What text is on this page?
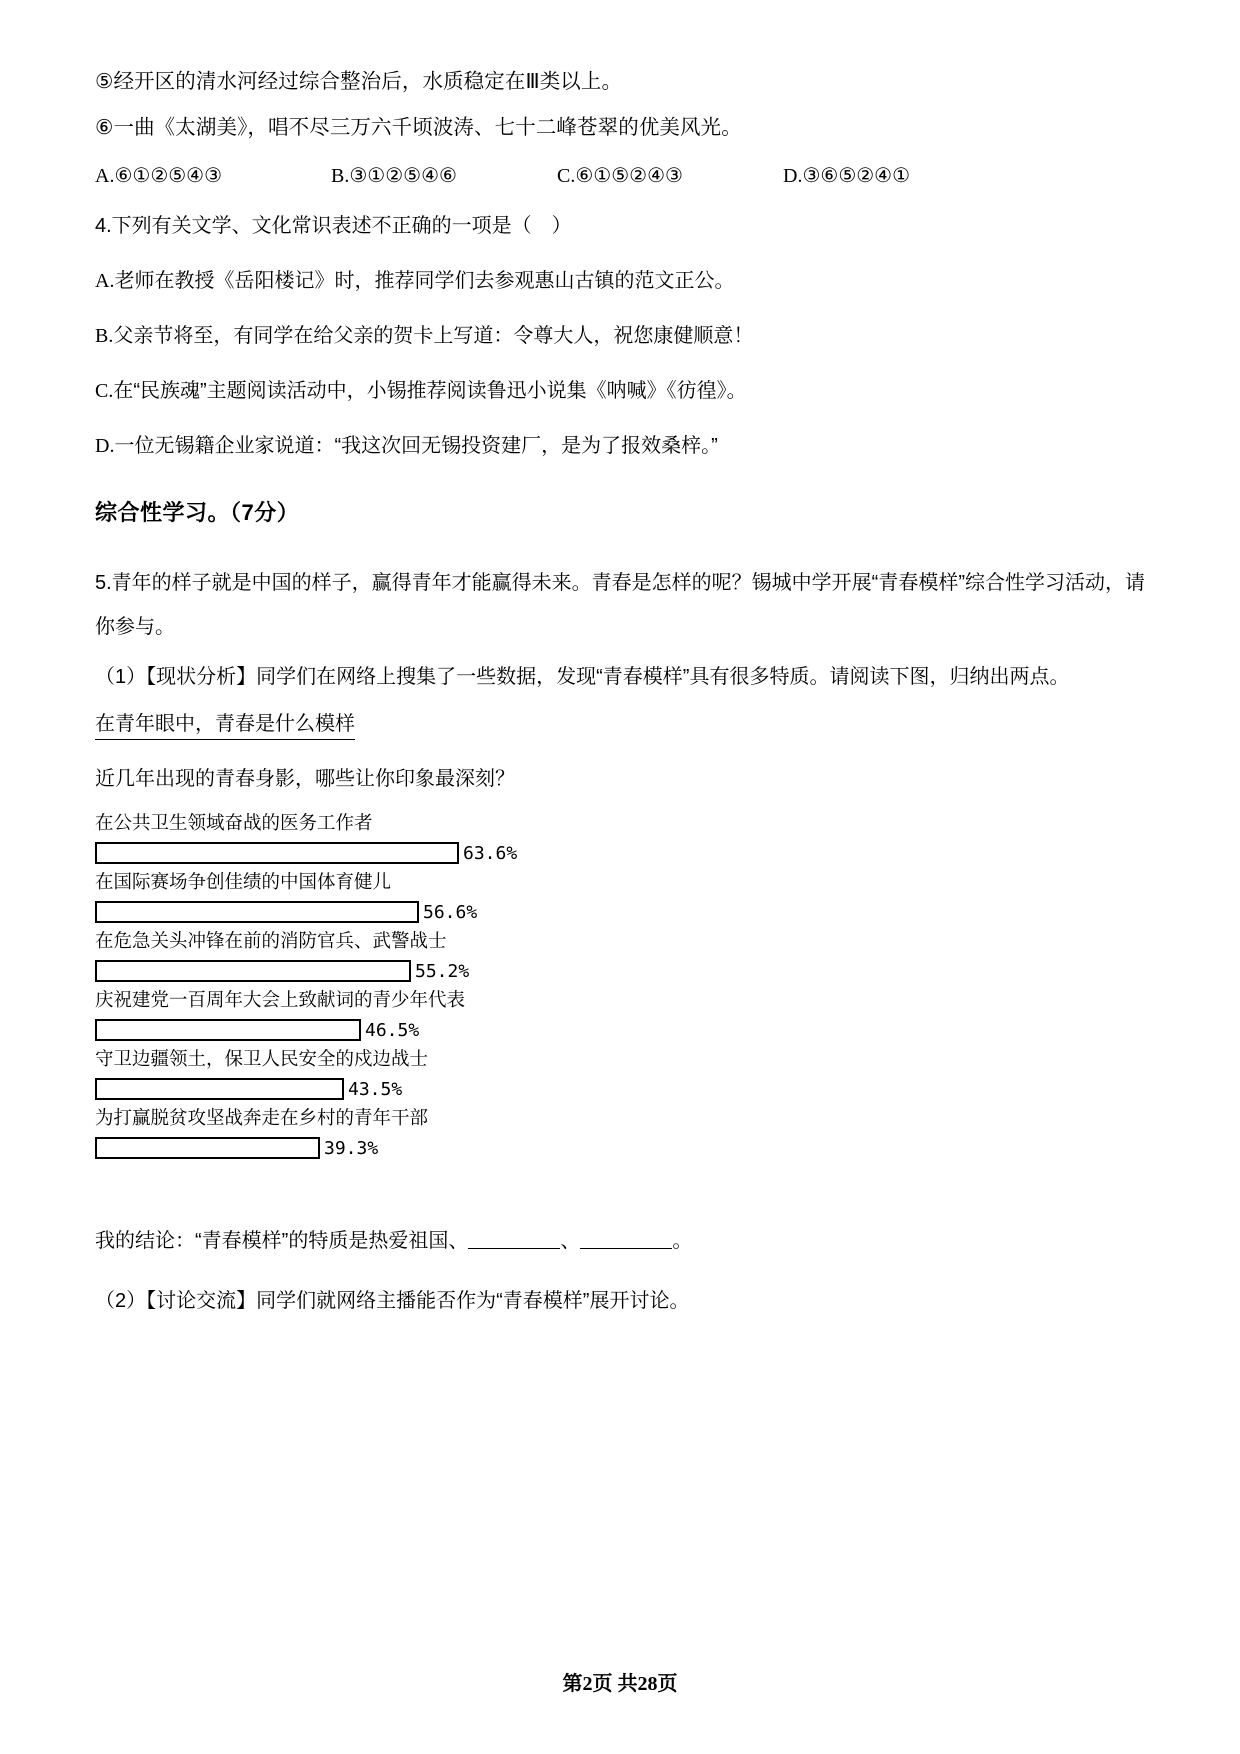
⑤经开区的清水河经过综合整治后，水质稳定在Ⅲ类以上。
⑥一曲《太湖美》，唱不尽三万六千顷波涛、七十二峰苍翠的优美风光。
A.⑥①②⑤④③	B.③①②⑤④⑥	C.⑥①⑤②④③	D.③⑥⑤②④①
4.下列有关文学、文化常识表述不正确的一项是（　）
A.老师在教授《岳阳楼记》时，推荐同学们去参观惠山古镇的范文正公。
B.父亲节将至，有同学在给父亲的贺卡上写道：令尊大人，祝您康健顺意！
C.在“民族魂”主题阅读活动中，小锡推荐阅读鲁迅小说集《呐喊》《彷徨》。
D.一位无锡籍企业家说道：“我这次回无锡投资建厂，是为了报效桑梓。”
综合性学习。（7分）
5.青年的样子就是中国的样子，赢得青年才能赢得未来。青春是怎样的呢？锡城中学开展“青春模样”综合性学习活动，请你参与。
（1）【现状分析】同学们在网络上搜集了一些数据，发现“青春模样”具有很多特质。请阅读下图，归纳出两点。
在青年眼中，青春是什么模样
近几年出现的青春身影，哪些让你印象最深刻？
在公共卫生领域奋战的医务工作者
63.6%
在国际赛场争创佳绩的中国体育健儿
56.6%
在危急关头冲锋在前的消防官兵、武警战士
55.2%
庆祝建党一百周年大会上致献词的青少年代表
46.5%
守卫边疆领土，保卫人民安全的戍边战士
43.5%
为打赢脱贫攻坚战奔走在乡村的青年干部
39.3%
我的结论：“青春模样”的特质是热爱祖国、	、	。
（2）【讨论交流】同学们就网络主播能否作为“青春模样”展开讨论。
第2页 共28页
